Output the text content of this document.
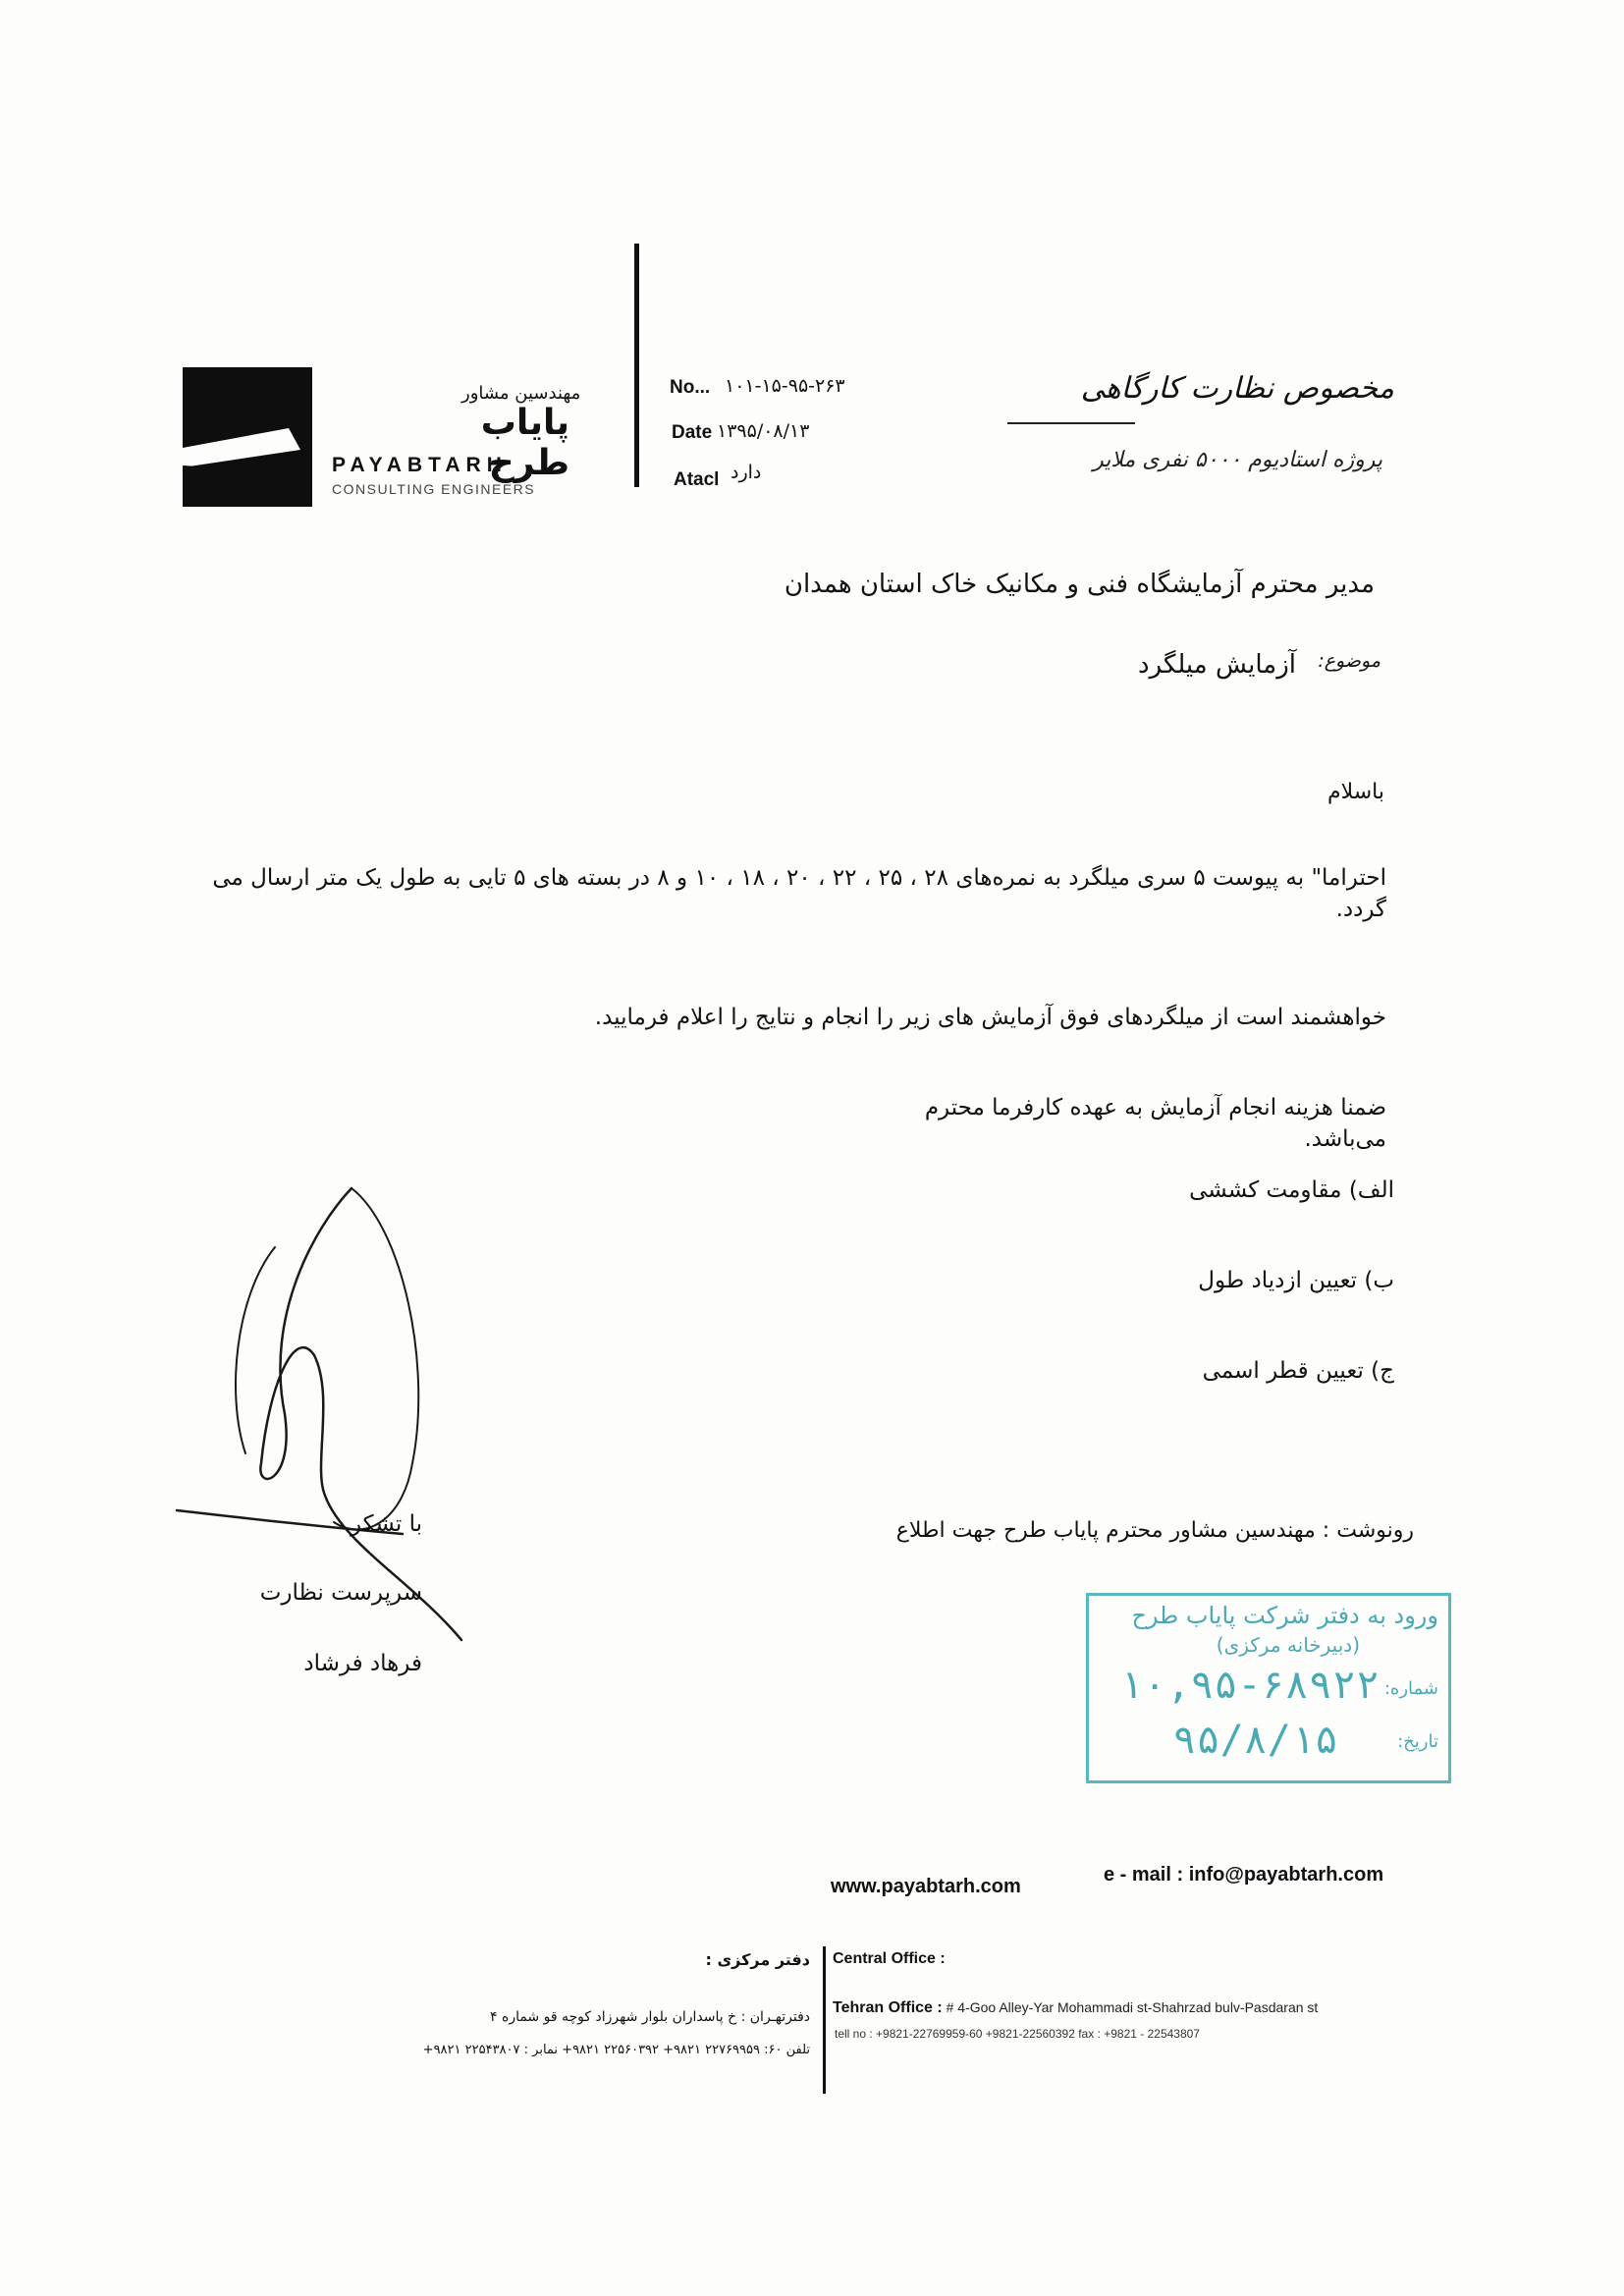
مهندسین مشاور
پایاب طرح
PAYABTARH
CONSULTING ENGINEERS
No... ۱۰۱-۱۵-۹۵-۲۶۳
Date ۱۳۹۵/۰۸/۱۳
Atacl دارد
مخصوص نظارت کارگاهی
پروژه استادیوم ۵۰۰۰ نفری ملایر
مدیر محترم آزمایشگاه فنی و مکانیک خاک استان همدان
موضوع:
آزمایش میلگرد
باسلام
احتراما" به پیوست ۵ سری میلگرد به نمره‌های ۲۸ ، ۲۵ ، ۲۲ ، ۲۰ ، ۱۸ ، ۱۰ و ۸ در بسته های ۵ تایی به طول یک متر ارسال می گردد.
خواهشمند است از میلگردهای فوق آزمایش های زیر را انجام و نتایج را اعلام فرمایید.
ضمنا هزینه انجام آزمایش به عهده کارفرما محترم می‌باشد.
الف) مقاومت کششی
ب) تعیین ازدیاد طول
ج) تعیین قطر اسمی
رونوشت : مهندسین مشاور محترم پایاب طرح جهت اطلاع
با تشکر
سرپرست نظارت
فرهاد فرشاد
ورود به دفتر شرکت پایاب طرح
(دبیرخانه مرکزی)
شماره:
۱۰,۹۵-۶۸۹۲۲
تاریخ:
۹۵/۸/۱۵
www.payabtarh.com
e - mail : info@payabtarh.com
دفتر مرکزی : Central Office :
دفترتهـران : خ پاسداران بلوار شهرزاد کوچه قو شماره ۴
تلفن ۶۰: ۲۲۷۶۹۹۵۹ ۹۸۲۱+ ۲۲۵۶۰۳۹۲ ۹۸۲۱+ نمابر : ۲۲۵۴۳۸۰۷ ۹۸۲۱+
Tehran Office : # 4-Goo Alley-Yar Mohammadi st-Shahrzad bulv-Pasdaran st
tell no : +9821-22769959-60 +9821-22560392 fax : +9821 - 22543807
